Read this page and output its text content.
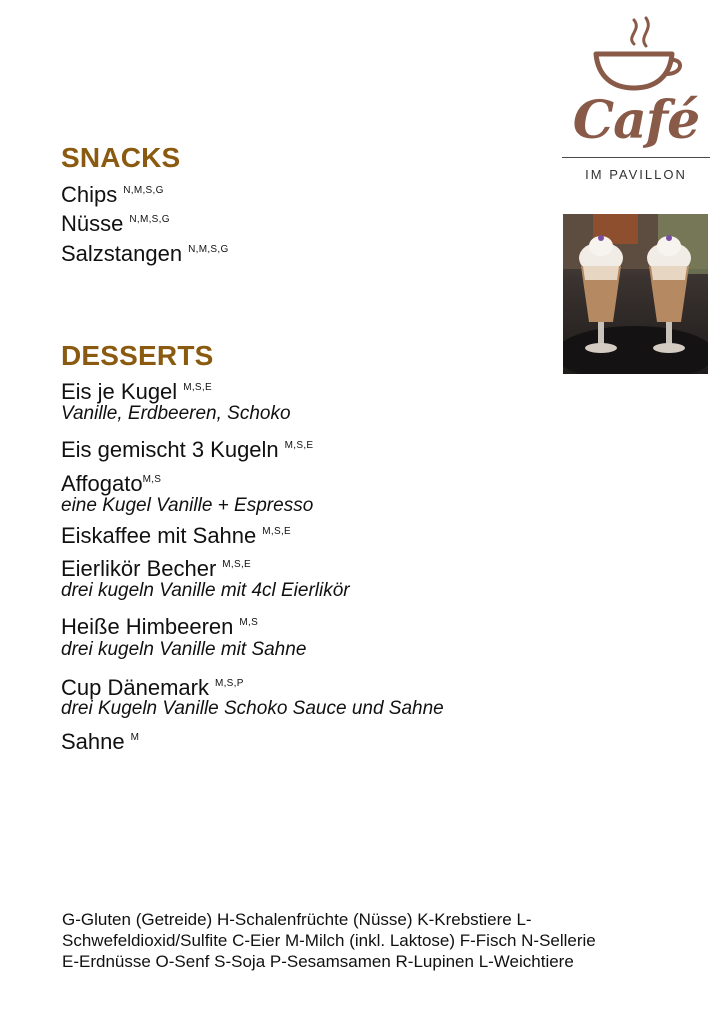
Café
IM PAVILLON
SNACKS
Chips $^{N,M,S,G}$
Nüsse $^{N,M,S,G}$
Salzstangen $^{N,M,S,G}$
DESSERTS
Eis je Kugel $^{M,S,E}$
Vanille, Erdbeeren, Schoko
Eis gemischt 3 Kugeln $^{M,S,E}$
Affogato$^{M,S}$
eine Kugel Vanille + Espresso
Eiskaffee mit Sahne $^{M,S,E}$
Eierlikör Becher $^{M,S,E}$
drei kugeln Vanille mit 4cl Eierlikör
Heiße Himbeeren $^{M,S}$
drei kugeln Vanille mit Sahne
Cup Dänemark $^{M,S,P}$
drei Kugeln Vanille Schoko Sauce und Sahne
Sahne $^M$
G-Gluten (Getreide) H-Schalenfrüchte (Nüsse) K-Krebstiere L-
Schwefeldioxid/Sulfite C-Eier M-Milch (inkl. Laktose) F-Fisch N-Sellerie
E-Erdnüsse O-Senf S-Soja P-Sesamsamen R-Lupinen L-Weichtiere
